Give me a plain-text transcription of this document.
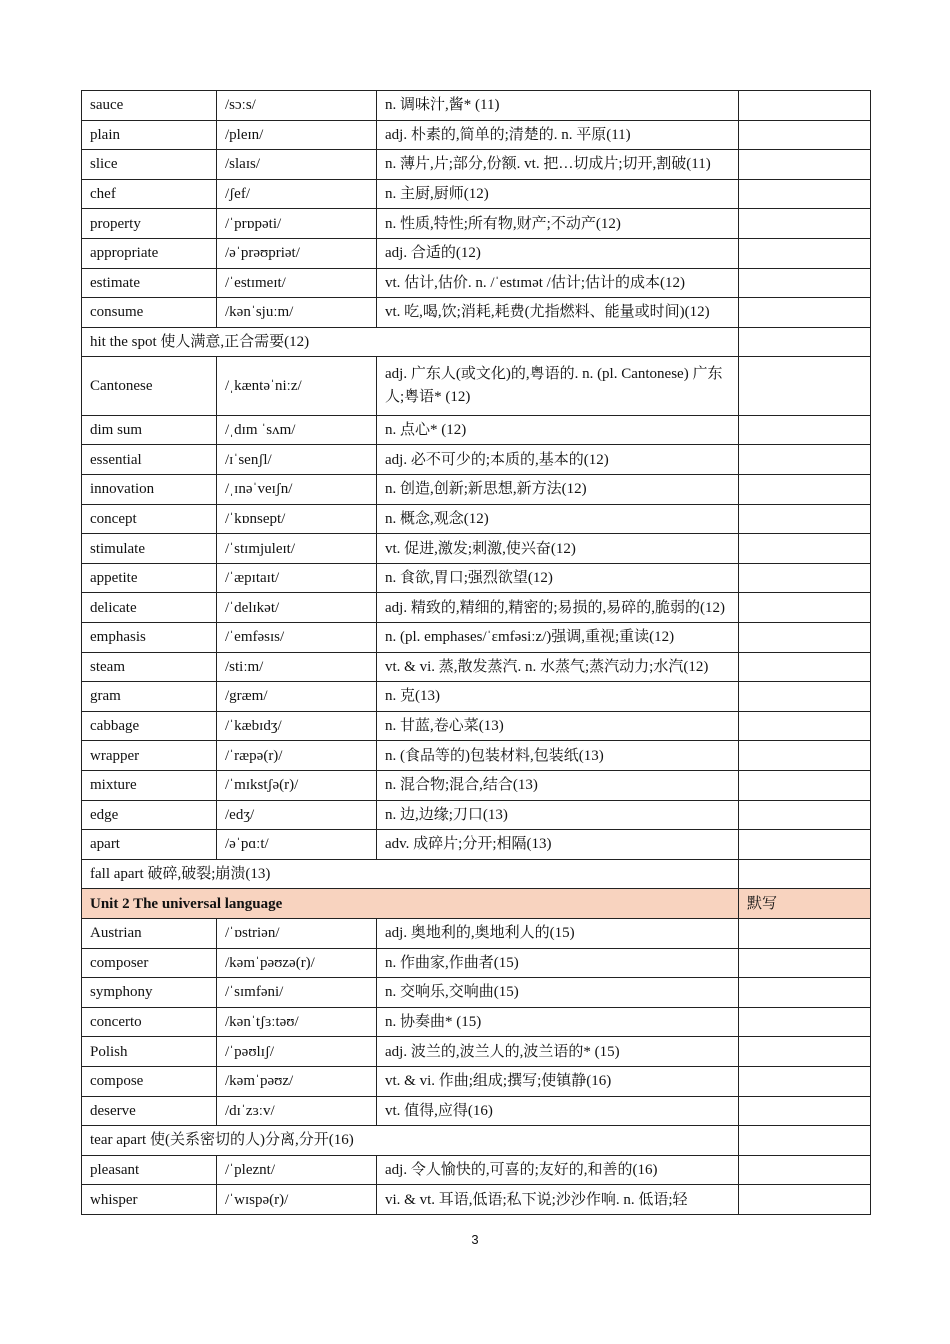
sauce	/sɔːs/	n. 调味汁,酱* (11)	
plain	/pleɪn/	adj. 朴素的,简单的;清楚的. n. 平原(11)	
slice	/slaɪs/	n. 薄片,片;部分,份额. vt. 把…切成片;切开,割破(11)	
chef	/ʃef/	n. 主厨,厨师(12)	
property	/ˈprɒpəti/	n. 性质,特性;所有物,财产;不动产(12)	
appropriate	/əˈprəʊpriət/	adj. 合适的(12)	
estimate	/ˈestɪmeɪt/	vt. 估计,估价. n. /ˈestɪmət /估计;估计的成本(12)	
consume	/kənˈsjuːm/	vt. 吃,喝,饮;消耗,耗费(尤指燃料、能量或时间)(12)	
hit the spot 使人满意,正合需要(12)			
Cantonese	/ˌkæntəˈniːz/	adj. 广东人(或文化)的,粤语的. n. (pl. Cantonese) 广东人;粤语* (12)	
dim sum	/ˌdɪm ˈsʌm/	n. 点心* (12)	
essential	/ɪˈsenʃl/	adj. 必不可少的;本质的,基本的(12)	
innovation	/ˌɪnəˈveɪʃn/	n. 创造,创新;新思想,新方法(12)	
concept	/ˈkɒnsept/	n. 概念,观念(12)	
stimulate	/ˈstɪmjuleɪt/	vt. 促进,激发;刺激,使兴奋(12)	
appetite	/ˈæpɪtaɪt/	n. 食欲,胃口;强烈欲望(12)	
delicate	/ˈdelɪkət/	adj. 精致的,精细的,精密的;易损的,易碎的,脆弱的(12)	
emphasis	/ˈemfəsɪs/	n. (pl. emphases/ˈɛmfəsiːz/)强调,重视;重读(12)	
steam	/stiːm/	vt. & vi. 蒸,散发蒸汽. n. 水蒸气;蒸汽动力;水汽(12)	
gram	/græm/	n. 克(13)	
cabbage	/ˈkæbɪdʒ/	n. 甘蓝,卷心菜(13)	
wrapper	/ˈræpə(r)/	n. (食品等的)包装材料,包装纸(13)	
mixture	/ˈmɪkstʃə(r)/	n. 混合物;混合,结合(13)	
edge	/edʒ/	n. 边,边缘;刀口(13)	
apart	/əˈpɑːt/	adv. 成碎片;分开;相隔(13)	
fall apart 破碎,破裂;崩溃(13)			
Unit 2 The universal language			默写
Austrian	/ˈɒstriən/	adj. 奥地利的,奥地利人的(15)	
composer	/kəmˈpəʊzə(r)/	n. 作曲家,作曲者(15)	
symphony	/ˈsɪmfəni/	n. 交响乐,交响曲(15)	
concerto	/kənˈtʃɜːtəʊ/	n. 协奏曲* (15)	
Polish	/ˈpəʊlɪʃ/	adj. 波兰的,波兰人的,波兰语的* (15)	
compose	/kəmˈpəʊz/	vt. & vi. 作曲;组成;撰写;使镇静(16)	
deserve	/dɪˈzɜːv/	vt. 值得,应得(16)	
tear apart 使(关系密切的人)分离,分开(16)			
pleasant	/ˈpleznt/	adj. 令人愉快的,可喜的;友好的,和善的(16)	
whisper	/ˈwɪspə(r)/	vi. & vt. 耳语,低语;私下说;沙沙作响. n. 低语;轻	
3
